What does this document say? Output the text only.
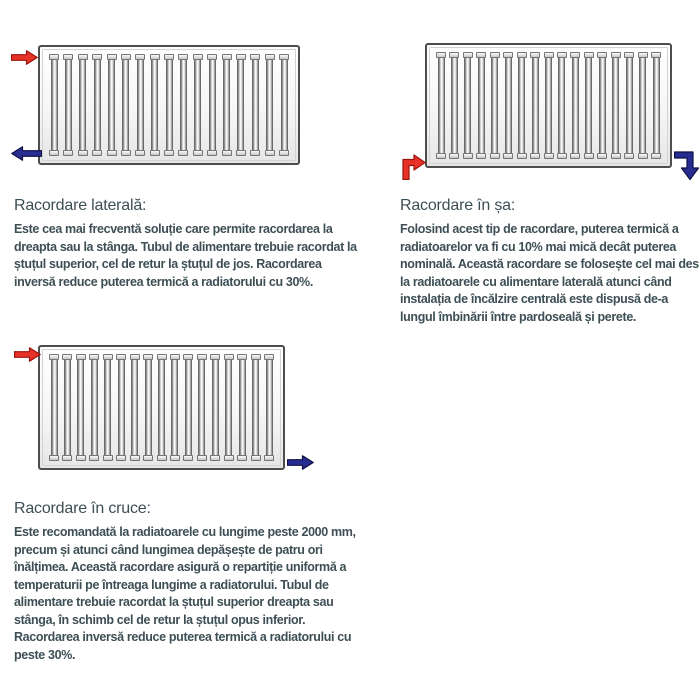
Racordare laterală:
Este cea mai frecventă soluție care permite racordarea la dreapta sau la stânga. Tubul de alimentare trebuie racordat la ștuțul superior, cel de retur la ștuțul de jos. Racordarea inversă reduce puterea termică a radiatorului cu 30%.
Racordare în șa:
Folosind acest tip de racordare, puterea termică a radiatoarelor va fi cu 10% mai mică decât puterea nominală. Această racordare se folosește cel mai des la radiatoarele cu alimentare laterală atunci când instalația de încălzire centrală este dispusă de-a lungul îmbinării între pardoseală și perete.
Racordare în cruce:
Este recomandată la radiatoarele cu lungime peste 2000 mm, precum și atunci când lungimea depășește de patru ori înălțimea. Această racordare asigură o repartiție uniformă a temperaturii pe întreaga lungime a radiatorului. Tubul de alimentare trebuie racordat la ștuțul superior dreapta sau stânga, în schimb cel de retur la ștuțul opus inferior. Racordarea inversă reduce puterea termică a radiatorului cu peste 30%.
